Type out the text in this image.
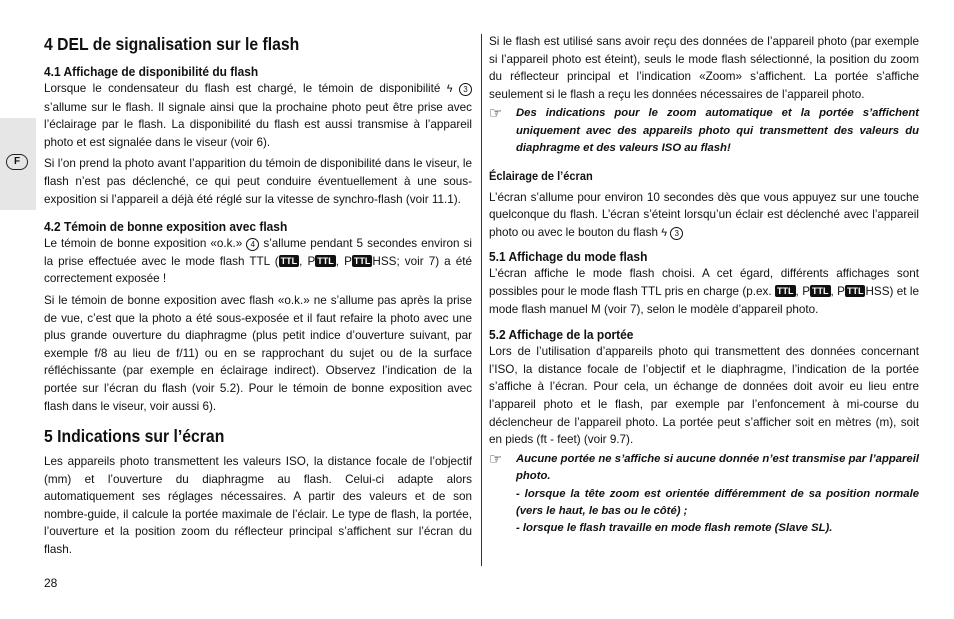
F
4 DEL de signalisation sur le flash
4.1 Affichage de disponibilité du flash

Lorsque le condensateur du flash est chargé, le témoin de disponibilité ϟ 3 s’allume sur le flash. Il signale ainsi que la prochaine photo peut être prise avec l’éclairage par le flash. La disponibilité du flash est aussi transmise à l’appareil photo et est signalée dans le viseur (voir 6).

Si l’on prend la photo avant l’apparition du témoin de disponibilité dans le viseur, le flash n’est pas déclenché, ce qui peut conduire éventuellement à une sous-exposition si l’appareil a déjà été réglé sur la vitesse de synchro-flash (voir 11.1).

4.2 Témoin de bonne exposition avec flash

Le témoin de bonne exposition «o.k.» 4 s’allume pendant 5 secondes environ si la prise effectuée avec le mode flash TTL ( TTL , P TTL , P TTL HSS; voir 7) a été correctement exposée !

Si le témoin de bonne exposition avec flash «o.k.» ne s’allume pas après la prise de vue, c’est que la photo a été sous-exposée et il faut refaire la photo avec une plus grande ouverture du diaphragme (plus petit indice d’ouverture suivant, par exemple f/8 au lieu de f/11) ou en se rapprochant du sujet ou de la surface réfléchissante (par exemple en éclairage indirect). Observez l’indication de la portée sur l’écran du flash (voir 5.2). Pour le témoin de bonne exposition avec flash dans le viseur, voir aussi 6).

5 Indications sur l’écran

Les appareils photo transmettent les valeurs ISO, la distance focale de l’objectif (mm) et l’ouverture du diaphragme au flash. Celui-ci adapte alors automatiquement ses réglages nécessaires. A partir des valeurs et de son nombre-guide, il calcule la portée maximale de l’éclair. Le type de flash, la portée, l’ouverture et la position zoom du réflecteur principal s’affichent sur l’écran du flash.

Si le flash est utilisé sans avoir reçu des données de l’appareil photo (par exemple si l’appareil photo est éteint), seuls le mode flash sélectionné, la position du zoom du réflecteur principal et l’indication «Zoom» s’affichent. La portée s’affiche seulement si le flash a reçu les données nécessaires de l’appareil photo.

☞ Des indications pour le zoom automatique et la portée s’affichent uniquement avec des appareils photo qui transmettent des valeurs du diaphragme et des valeurs ISO au flash!
Éclairage de l’écran

L’écran s’allume pour environ 10 secondes dès que vous appuyez sur une touche quelconque du flash. L’écran s’éteint lorsqu’un éclair est déclenché avec l’appareil photo ou avec le bouton du flash ϟ 3

5.1 Affichage du mode flash

L’écran affiche le mode flash choisi. A cet égard, différents affichages sont possibles pour le mode flash TTL pris en charge (p.ex. TTL , P TTL , P TTL HSS) et le mode flash manuel M (voir 7), selon le modèle d’appareil photo.

5.2 Affichage de la portée

Lors de l’utilisation d’appareils photo qui transmettent des données concernant l’ISO, la distance focale de l’objectif et le diaphragme, l’indication de la portée s’affiche à l’écran. Pour cela, un échange de données doit avoir eu lieu entre l’appareil photo et le flash, par exemple par l’enfoncement à mi-course du déclencheur de l’appareil photo. La portée peut s’afficher soit en mètres (m), soit en pieds (ft - feet) (voir 9.7).

☞ Aucune portée ne s’affiche si aucune donnée n’est transmise par l’appareil photo.
- lorsque la tête zoom est orientée différemment de sa position normale (vers le haut, le bas ou le côté) ;
- lorsque le flash travaille en mode flash remote (Slave SL).
28
